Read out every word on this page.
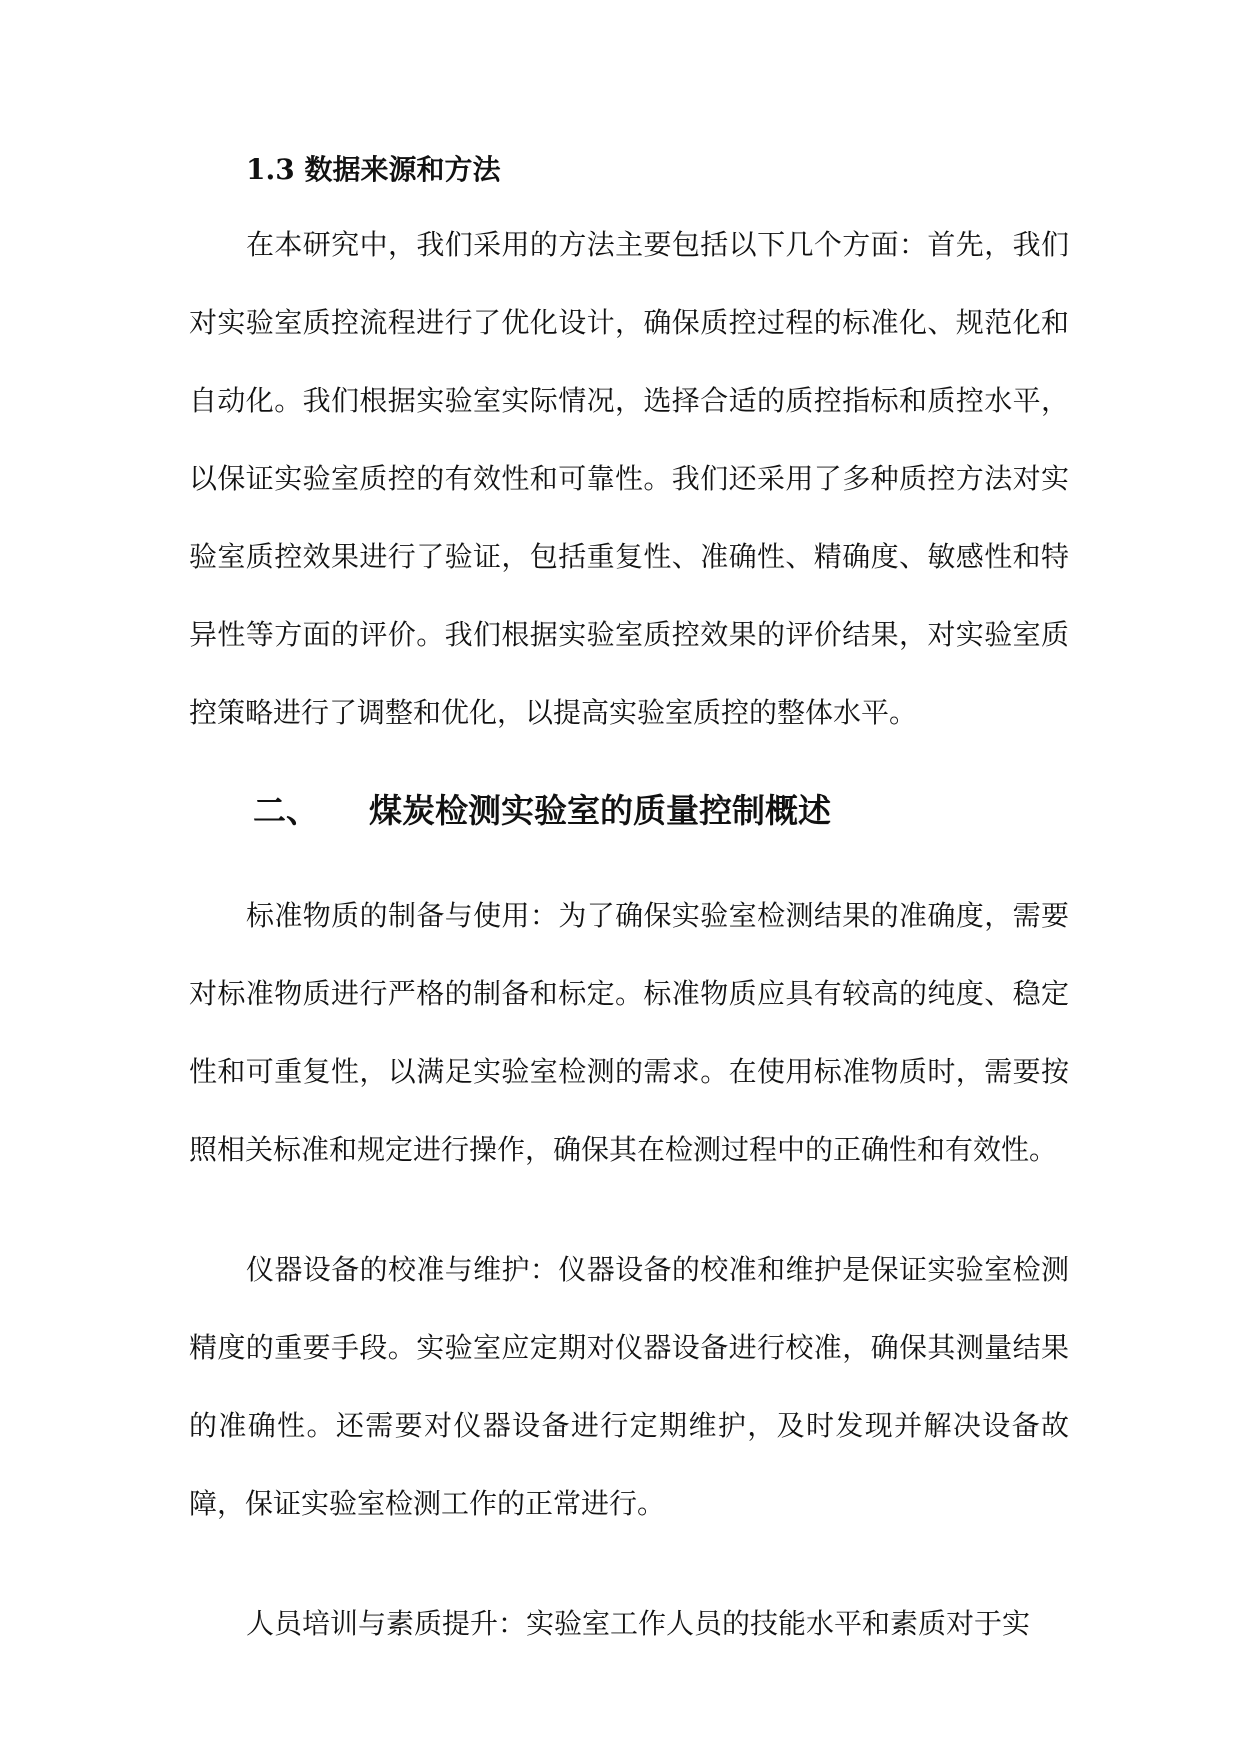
1.3 数据来源和方法

在本研究中，我们采用的方法主要包括以下几个方面：首先，我们对实验室质控流程进行了优化设计，确保质控过程的标准化、规范化和自动化。我们根据实验室实际情况，选择合适的质控指标和质控水平，以保证实验室质控的有效性和可靠性。我们还采用了多种质控方法对实验室质控效果进行了验证，包括重复性、准确性、精确度、敏感性和特异性等方面的评价。我们根据实验室质控效果的评价结果，对实验室质控策略进行了调整和优化，以提高实验室质控的整体水平。

二、 煤炭检测实验室的质量控制概述

标准物质的制备与使用：为了确保实验室检测结果的准确度，需要对标准物质进行严格的制备和标定。标准物质应具有较高的纯度、稳定性和可重复性，以满足实验室检测的需求。在使用标准物质时，需要按照相关标准和规定进行操作，确保其在检测过程中的正确性和有效性。

仪器设备的校准与维护：仪器设备的校准和维护是保证实验室检测精度的重要手段。实验室应定期对仪器设备进行校准，确保其测量结果的准确性。还需要对仪器设备进行定期维护，及时发现并解决设备故障，保证实验室检测工作的正常进行。

人员培训与素质提升：实验室工作人员的技能水平和素质对于实
